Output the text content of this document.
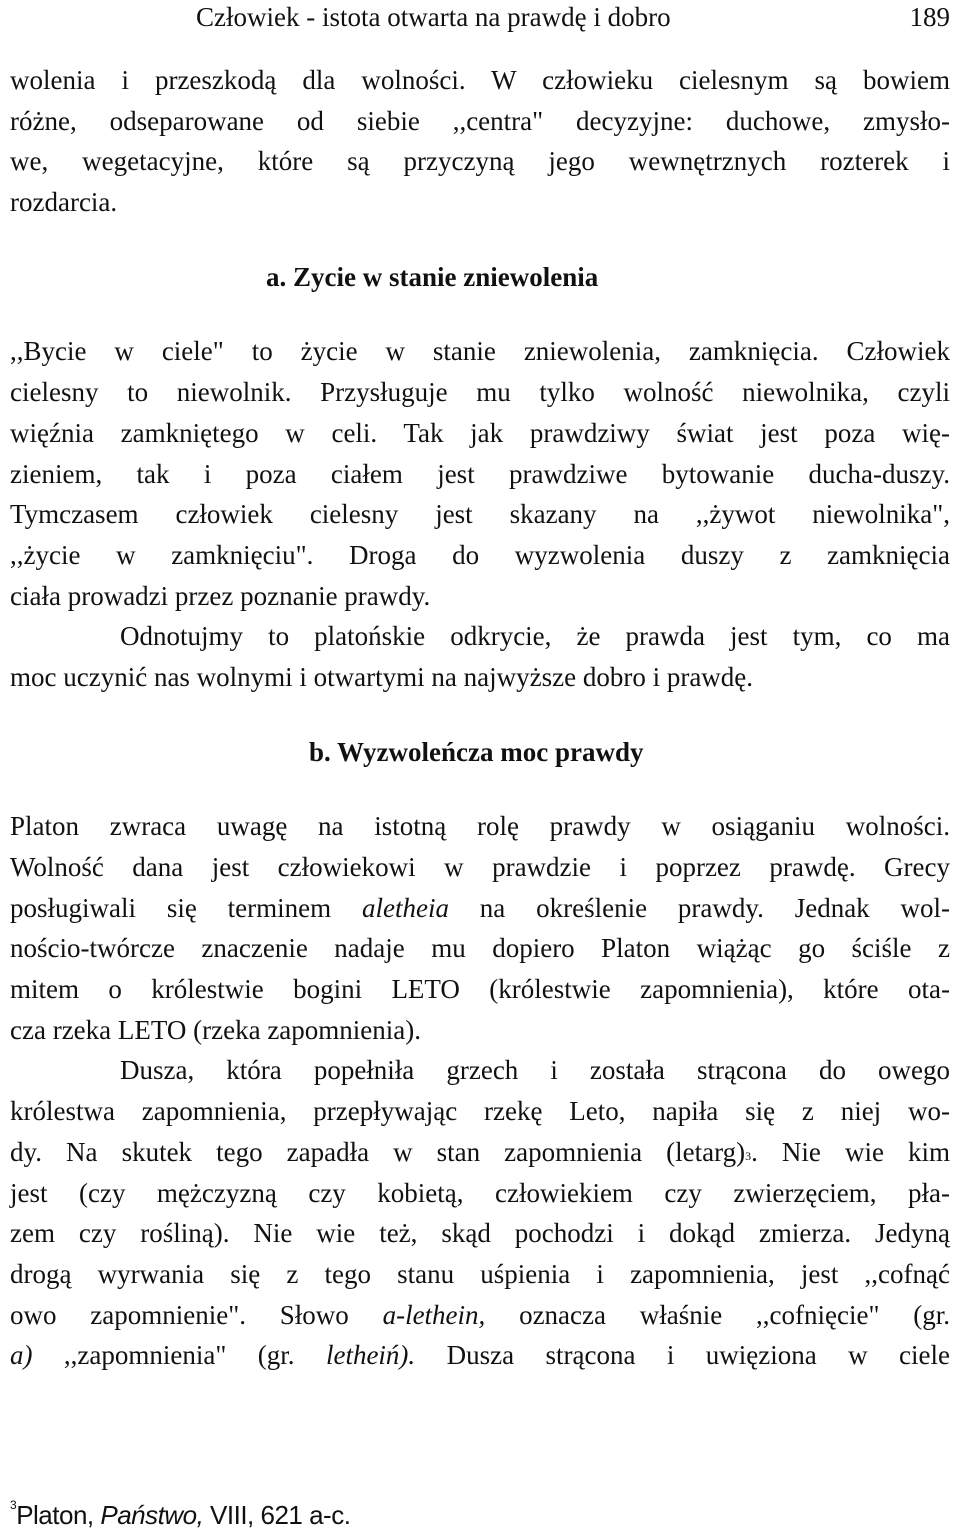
Człowiek - istota otwarta na prawdę i dobro	189
wolenia i przeszkodą dla wolności. W człowieku cielesnym są bowiem
różne, odseparowane od siebie ,,centra" decyzyjne: duchowe, zmysło-
we, wegetacyjne, które są przyczyną jego wewnętrznych rozterek i
rozdarcia.
a. Zycie w stanie zniewolenia
,,Bycie w ciele" to życie w stanie zniewolenia, zamknięcia. Człowiek
cielesny to niewolnik. Przysługuje mu tylko wolność niewolnika, czyli
więźnia zamkniętego w celi. Tak jak prawdziwy świat jest poza wię-
zieniem, tak i poza ciałem jest prawdziwe bytowanie ducha-duszy.
Tymczasem człowiek cielesny jest skazany na ,,żywot niewolnika",
,,życie w zamknięciu". Droga do wyzwolenia duszy z zamknięcia
ciała prowadzi przez poznanie prawdy.
Odnotujmy to platońskie odkrycie, że prawda jest tym, co ma
moc uczynić nas wolnymi i otwartymi na najwyższe dobro i prawdę.
b. Wyzwoleńcza moc prawdy
Platon zwraca uwagę na istotną rolę prawdy w osiąganiu wolności.
Wolność dana jest człowiekowi w prawdzie i poprzez prawdę. Grecy
posługiwali się terminem aletheia na określenie prawdy. Jednak wol-
nościo-twórcze znaczenie nadaje mu dopiero Platon wiążąc go ściśle z
mitem o królestwie bogini LETO (królestwie zapomnienia), które ota-
cza rzeka LETO (rzeka zapomnienia).
Dusza, która popełniła grzech i została strącona do owego
królestwa zapomnienia, przepływając rzekę Leto, napiła się z niej wo-
dy. Na skutek tego zapadła w stan zapomnienia (letarg)$^3$. Nie wie kim
jest (czy mężczyzną czy kobietą, człowiekiem czy zwierzęciem, pła-
zem czy rośliną). Nie wie też, skąd pochodzi i dokąd zmierza. Jedyną
drogą wyrwania się z tego stanu uśpienia i zapomnienia, jest ,,cofnąć
owo zapomnienie". Słowo a-lethein, oznacza właśnie ,,cofnięcie" (gr.
a) ,,zapomnienia" (gr. letheiń). Dusza strącona i uwięziona w ciele
$^3$Platon, Państwo, VIII, 621 a-c.
